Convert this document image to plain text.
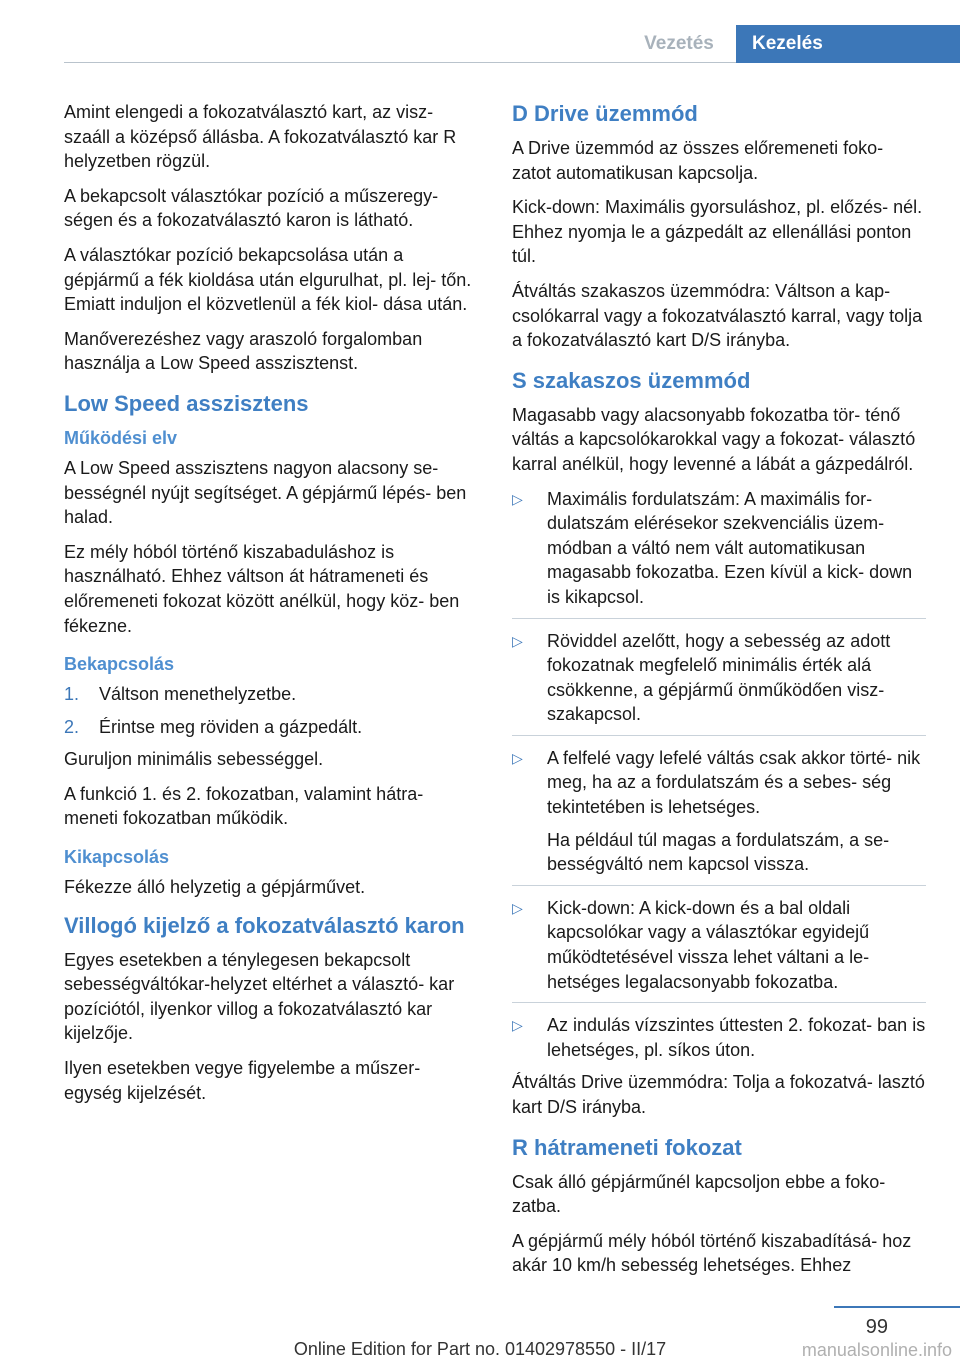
Vezetés	Kezelés

Amint elengedi a fokozatválasztó kart, az visz‐ szaáll a középső állásba. A fokozatválasztó kar R helyzetben rögzül.

A bekapcsolt választókar pozíció a műszeregy‐ ségen és a fokozatválasztó karon is látható.

A választókar pozíció bekapcsolása után a gépjármű a fék kioldása után elgurulhat, pl. lej‐ tőn. Emiatt induljon el közvetlenül a fék kiol‐ dása után.

Manőverezéshez vagy araszoló forgalomban használja a Low Speed asszisztenst.

Low Speed asszisztens
Működési elv

A Low Speed asszisztens nagyon alacsony se‐ bességnél nyújt segítséget. A gépjármű lépés‐ ben halad.

Ez mély hóból történő kiszabaduláshoz is használható. Ehhez váltson át hátrameneti és előremeneti fokozat között anélkül, hogy köz‐ ben fékezne.

Bekapcsolás
1. Váltson menethelyzetbe.
2. Érintse meg röviden a gázpedált.

Guruljon minimális sebességgel.

A funkció 1. és 2. fokozatban, valamint hátra‐ meneti fokozatban működik.

Kikapcsolás

Fékezze álló helyzetig a gépjárművet.

Villogó kijelző a fokozatválasztó karon

Egyes esetekben a ténylegesen bekapcsolt sebességváltókar-helyzet eltérhet a választó‐ kar pozíciótól, ilyenkor villog a fokozatválasztó kar kijelzője.

Ilyen esetekben vegye figyelembe a műszer‐ egység kijelzését.

D Drive üzemmód

A Drive üzemmód az összes előremeneti foko‐ zatot automatikusan kapcsolja.

Kick-down: Maximális gyorsuláshoz, pl. előzés‐ nél. Ehhez nyomja le a gázpedált az ellenállási ponton túl.

Átváltás szakaszos üzemmódra: Váltson a kap‐ csolókarral vagy a fokozatválasztó karral, vagy tolja a fokozatválasztó kart D/S irányba.

S szakaszos üzemmód

Magasabb vagy alacsonyabb fokozatba tör‐ ténő váltás a kapcsolókarokkal vagy a fokozat‐ választó karral anélkül, hogy levenné a lábát a gázpedálról.

▷ Maximális fordulatszám: A maximális for‐ dulatszám elérésekor szekvenciális üzem‐ módban a váltó nem vált automatikusan magasabb fokozatba. Ezen kívül a kick- down is kikapcsol.

▷ Röviddel azelőtt, hogy a sebesség az adott fokozatnak megfelelő minimális érték alá csökkenne, a gépjármű önműködően visz‐ szakapcsol.

▷ A felfelé vagy lefelé váltás csak akkor törté‐ nik meg, ha az a fordulatszám és a sebes‐ ség tekintetében is lehetséges.

Ha például túl magas a fordulatszám, a se‐ bességváltó nem kapcsol vissza.

▷ Kick-down: A kick-down és a bal oldali kapcsolókar vagy a választókar egyidejű működtetésével vissza lehet váltani a le‐ hetséges legalacsonyabb fokozatba.

▷ Az indulás vízszintes úttesten 2. fokozat‐ ban is lehetséges, pl. síkos úton.

Átváltás Drive üzemmódra: Tolja a fokozatvá‐ lasztó kart D/S irányba.

R hátrameneti fokozat

Csak álló gépjárműnél kapcsoljon ebbe a foko‐ zatba.

A gépjármű mély hóból történő kiszabadításá‐ hoz akár 10 km/h sebesség lehetséges. Ehhez

99
Online Edition for Part no. 01402978550 - II/17	manualsonline.info
